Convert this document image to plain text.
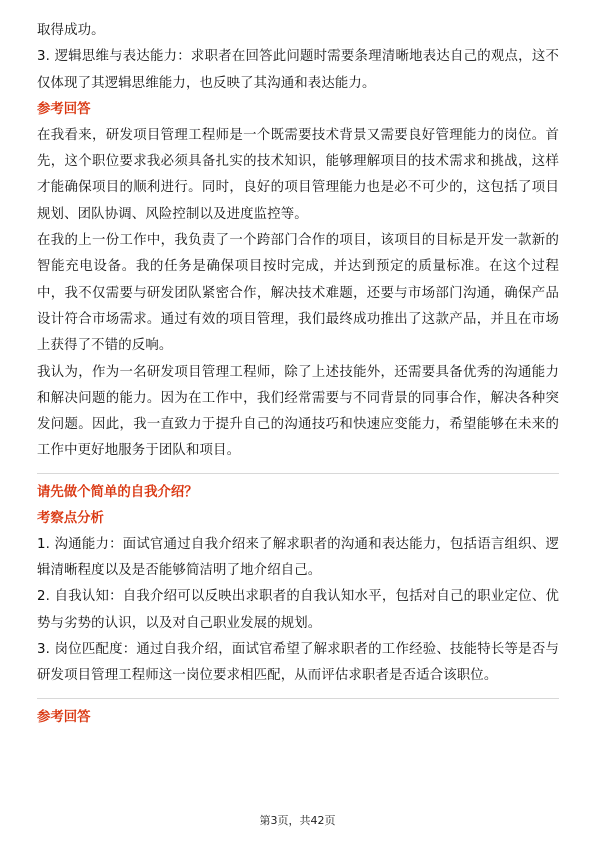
取得成功。

3. 逻辑思维与表达能力：求职者在回答此问题时需要条理清晰地表达自己的观点，这不仅体现了其逻辑思维能力，也反映了其沟通和表达能力。

参考回答

在我看来，研发项目管理工程师是一个既需要技术背景又需要良好管理能力的岗位。首先，这个职位要求我必须具备扎实的技术知识，能够理解项目的技术需求和挑战，这样才能确保项目的顺利进行。同时，良好的项目管理能力也是必不可少的，这包括了项目规划、团队协调、风险控制以及进度监控等。

在我的上一份工作中，我负责了一个跨部门合作的项目，该项目的目标是开发一款新的智能充电设备。我的任务是确保项目按时完成，并达到预定的质量标准。在这个过程中，我不仅需要与研发团队紧密合作，解决技术难题，还要与市场部门沟通，确保产品设计符合市场需求。通过有效的项目管理，我们最终成功推出了这款产品，并且在市场上获得了不错的反响。

我认为，作为一名研发项目管理工程师，除了上述技能外，还需要具备优秀的沟通能力和解决问题的能力。因为在工作中，我们经常需要与不同背景的同事合作，解决各种突发问题。因此，我一直致力于提升自己的沟通技巧和快速应变能力，希望能够在未来的工作中更好地服务于团队和项目。

请先做个简单的自我介绍？

考察点分析

1. 沟通能力：面试官通过自我介绍来了解求职者的沟通和表达能力，包括语言组织、逻辑清晰程度以及是否能够简洁明了地介绍自己。

2. 自我认知：自我介绍可以反映出求职者的自我认知水平，包括对自己的职业定位、优势与劣势的认识，以及对自己职业发展的规划。

3. 岗位匹配度：通过自我介绍，面试官希望了解求职者的工作经验、技能特长等是否与研发项目管理工程师这一岗位要求相匹配，从而评估求职者是否适合该职位。

参考回答

第3页，共42页
